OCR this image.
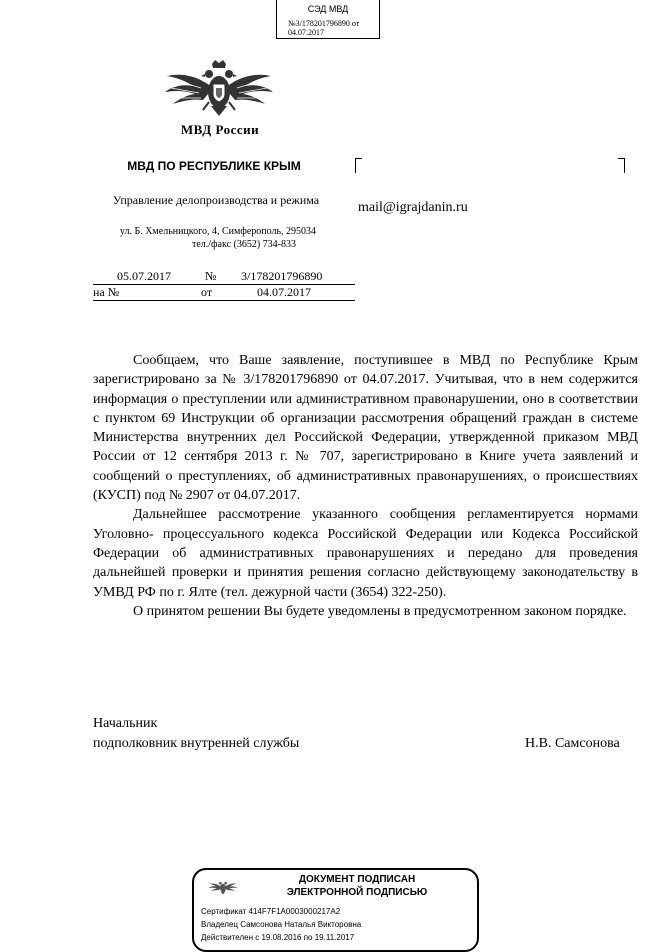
СЭД МВД
№3/178201796890 от
04.07.2017
МВД России
МВД ПО РЕСПУБЛИКЕ КРЫМ
Управление делопроизводства и режима
ул. Б. Хмельницкого, 4, Симферополь, 295034
тел./факс (3652) 734-833
mail@igrajdanin.ru
05.07.2017	№ 3/178201796890
на №	от	04.07.2017

Сообщаем, что Ваше заявление, поступившее в МВД по Республике Крым зарегистрировано за № 3/178201796890 от 04.07.2017. Учитывая, что в нем содержится информация о преступлении или административном правонарушении, оно в соответствии с пунктом 69 Инструкции об организации рассмотрения обращений граждан в системе Министерства внутренних дел Российской Федерации, утвержденной приказом МВД России от 12 сентября 2013 г. № 707, зарегистрировано в Книге учета заявлений и сообщений о преступлениях, об административных правонарушениях, о происшествиях (КУСП) под № 2907 от 04.07.2017.

Дальнейшее рассмотрение указанного сообщения регламентируется нормами Уголовно- процессуального кодекса Российской Федерации или Кодекса Российской Федерации об административных правонарушениях и передано для проведения дальнейшей проверки и принятия решения согласно действующему законодательству в УМВД РФ по г. Ялте (тел. дежурной части (3654) 322-250).

О принятом решении Вы будете уведомлены в предусмотренном законом порядке.

Начальник
подполковник внутренней службы	Н.В. Самсонова
ДОКУМЕНТ ПОДПИСАН
ЭЛЕКТРОННОЙ ПОДПИСЬЮ
Сертификат 414F7F1A0003000217A2
Владелец Самсонова Наталья Викторовна
Действителен с 19.08.2016 по 19.11.2017
